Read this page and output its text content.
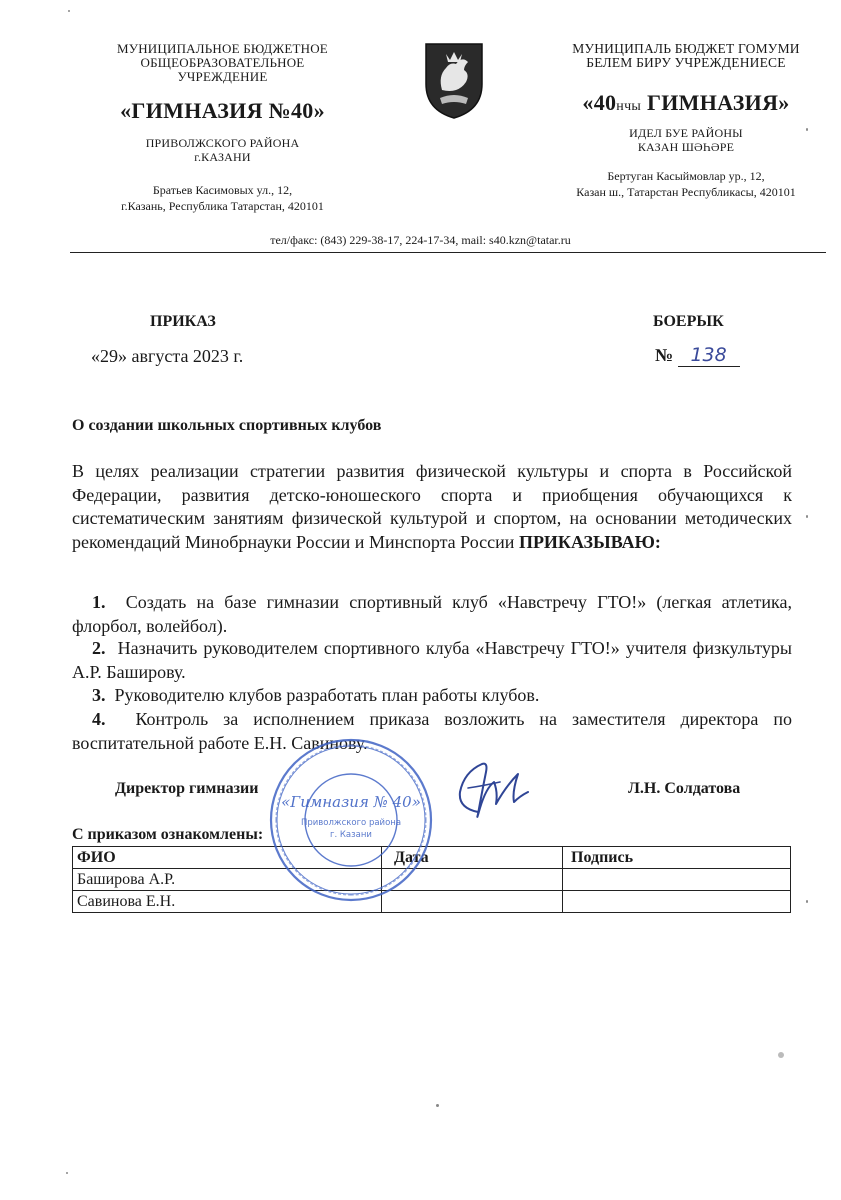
МУНИЦИПАЛЬНОЕ БЮДЖЕТНОЕ
ОБЩЕОБРАЗОВАТЕЛЬНОЕ
УЧРЕЖДЕНИЕ
«ГИМНАЗИЯ №40»
ПРИВОЛЖСКОГО РАЙОНА
г.КАЗАНИ
Братьев Касимовых ул., 12,
г.Казань, Республика Татарстан, 420101
МУНИЦИПАЛЬ БЮДЖЕТ ГОМУМИ
БЕЛЕМ БИРУ УЧРЕЖДЕНИЕСЕ
«40нчы ГИМНАЗИЯ»
ИДЕЛ БУЕ РАЙОНЫ
КАЗАН ШӘҺӘРЕ
Бертуган Касыймовлар ур., 12,
Казан ш., Татарстан Республикасы, 420101
тел/факс: (843) 229-38-17, 224-17-34, mail: s40.kzn@tatar.ru
ПРИКАЗ	БОЕРЫК
«29» августа 2023 г.	№ 138
О создании школьных спортивных клубов
В целях реализации стратегии развития физической культуры и спорта в Российской Федерации, развития детско-юношеского спорта и приобщения обучающихся к систематическим занятиям физической культурой и спортом, на основании методических рекомендаций Минобрнауки России и Минспорта России ПРИКАЗЫВАЮ:
1. Создать на базе гимназии спортивный клуб «Навстречу ГТО!» (легкая атлетика, флорбол, волейбол).
2. Назначить руководителем спортивного клуба «Навстречу ГТО!» учителя физкультуры А.Р. Баширову.
3. Руководителю клубов разработать план работы клубов.
4. Контроль за исполнением приказа возложить на заместителя директора по воспитательной работе Е.Н. Савинову.
Директор гимназии	Л.Н. Солдатова
С приказом ознакомлены:
ФИО	Дата	Подпись
Баширова А.Р.		
Савинова Е.Н.		
«Гимназия № 40»
Приволжского района
г. Казани
